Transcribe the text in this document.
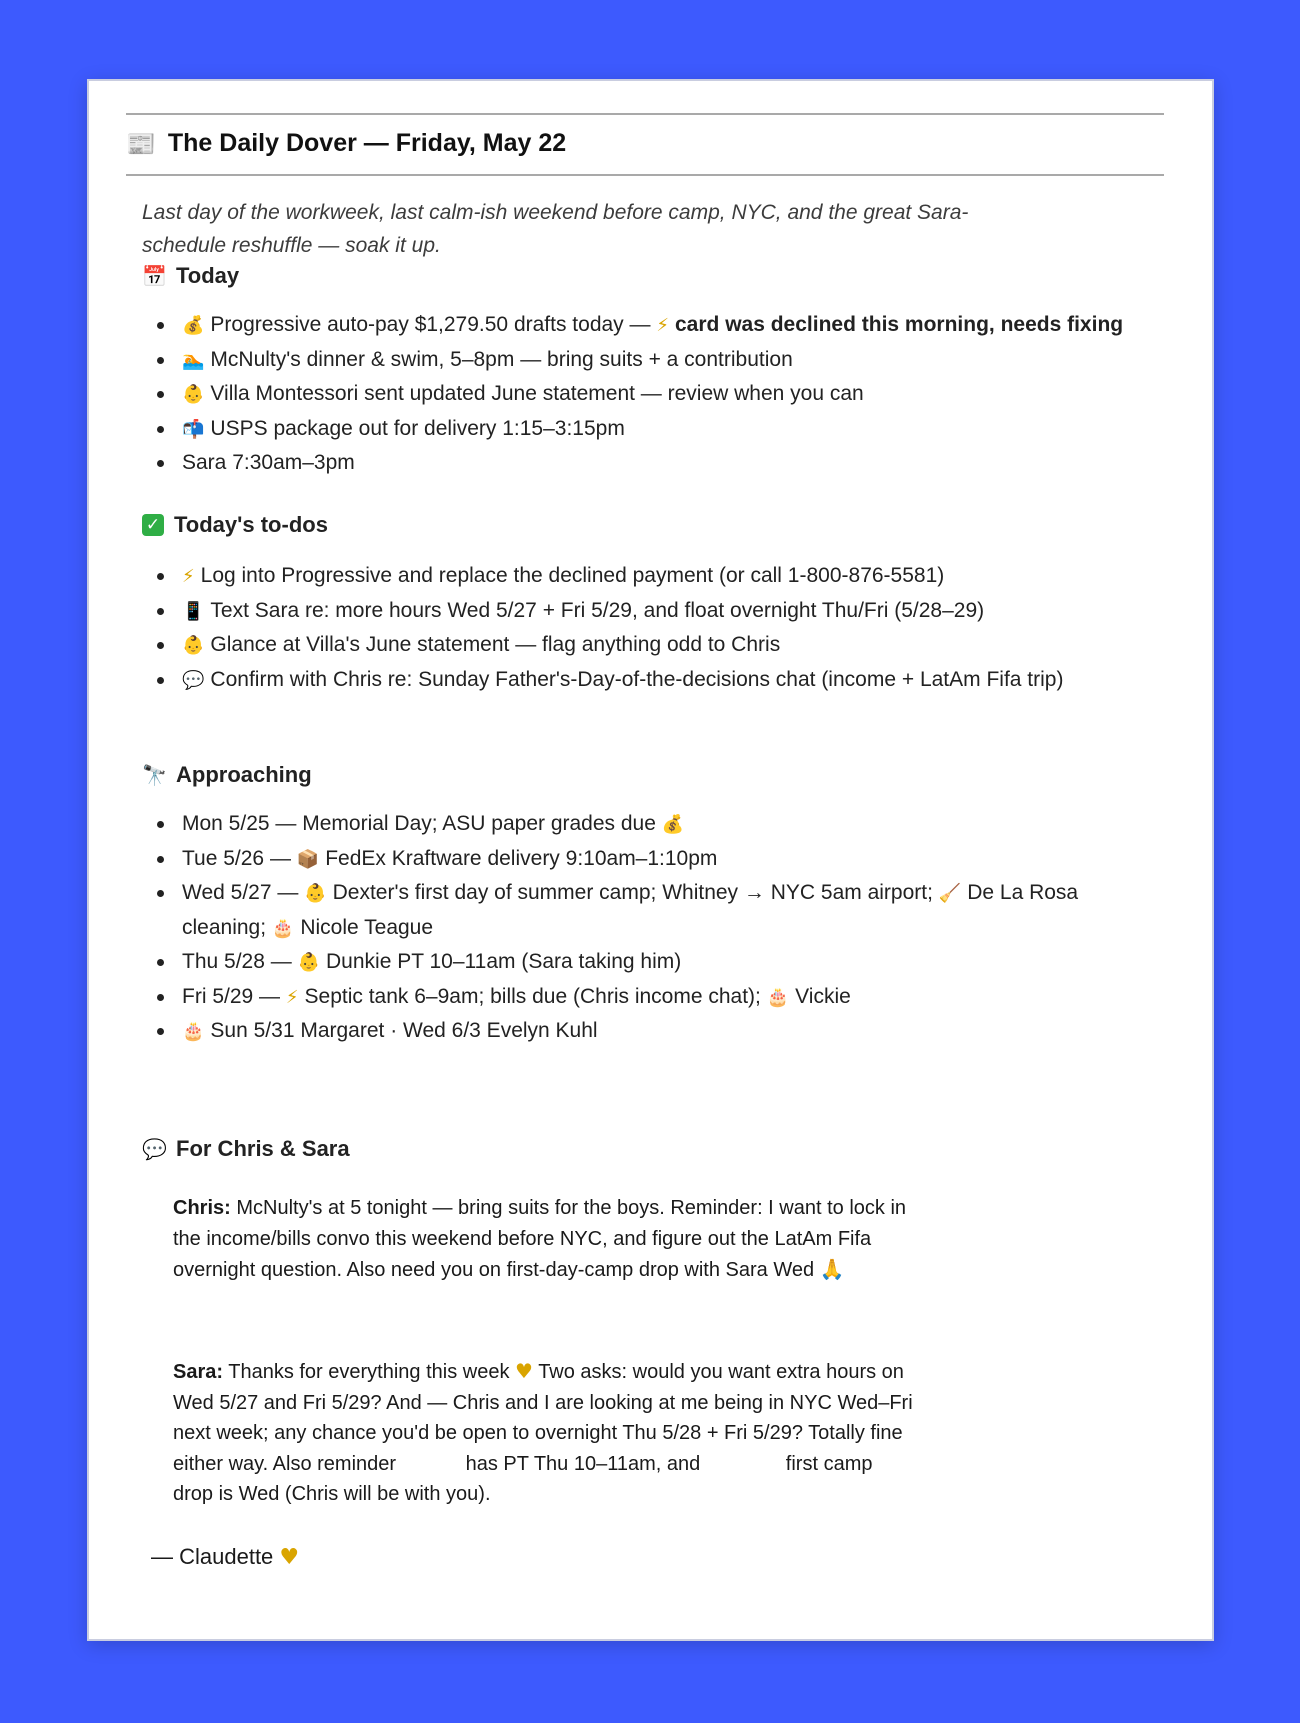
📰 The Daily Dover — Friday, May 22
Last day of the workweek, last calm-ish weekend before camp, NYC, and the great Sara-schedule reshuffle — soak it up.
📅 Today
💰 Progressive auto-pay $1,279.50 drafts today — ⚡ card was declined this morning, needs fixing
🏊 McNulty's dinner & swim, 5–8pm — bring suits + a contribution
👶 Villa Montessori sent updated June statement — review when you can
📬 USPS package out for delivery 1:15–3:15pm
Sara 7:30am–3pm
✓ Today's to-dos
⚡ Log into Progressive and replace the declined payment (or call 1-800-876-5581)
📱 Text Sara re: more hours Wed 5/27 + Fri 5/29, and float overnight Thu/Fri (5/28–29)
👶 Glance at Villa's June statement — flag anything odd to Chris
💬 Confirm with Chris re: Sunday Father's-Day-of-the-decisions chat (income + LatAm Fifa trip)
🔭 Approaching
Mon 5/25 — Memorial Day; ASU paper grades due 💰
Tue 5/26 — 📦 FedEx Kraftware delivery 9:10am–1:10pm
Wed 5/27 — 👶 Dexter's first day of summer camp; Whitney → NYC 5am airport; 🧹 De La Rosa cleaning; 🎂 Nicole Teague
Thu 5/28 — 👶 Dunkie PT 10–11am (Sara taking him)
Fri 5/29 — ⚡ Septic tank 6–9am; bills due (Chris income chat); 🎂 Vickie
🎂 Sun 5/31 Margaret · Wed 6/3 Evelyn Kuhl
💬 For Chris & Sara
Chris: McNulty's at 5 tonight — bring suits for the boys. Reminder: I want to lock in the income/bills convo this weekend before NYC, and figure out the LatAm Fifa overnight question. Also need you on first-day-camp drop with Sara Wed 🙏
Sara: Thanks for everything this week ♥ Two asks: would you want extra hours on Wed 5/27 and Fri 5/29? And — Chris and I are looking at me being in NYC Wed–Fri next week; any chance you'd be open to overnight Thu 5/28 + Fri 5/29? Totally fine either way. Also reminder	has PT Thu 10–11am, and	first camp drop is Wed (Chris will be with you).
— Claudette ♥
